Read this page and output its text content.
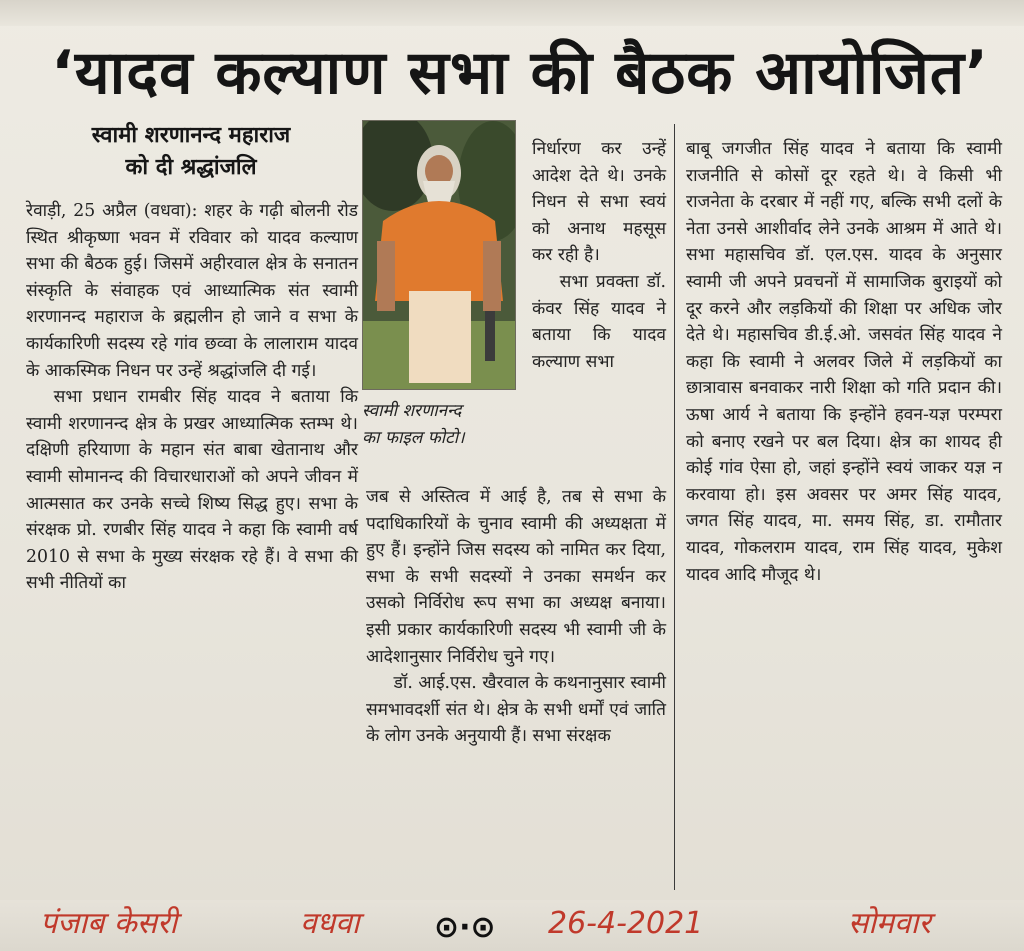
‘यादव कल्याण सभा की बैठक आयोजित’
स्वामी शरणानन्द महाराज
को दी श्रद्धांजलि

रेवाड़ी, 25 अप्रैल (वधवा): शहर के गढ़ी बोलनी रोड स्थित श्रीकृष्णा भवन में रविवार को यादव कल्याण सभा की बैठक हुई। जिसमें अहीरवाल क्षेत्र के सनातन संस्कृति के संवाहक एवं आध्यात्मिक संत स्वामी शरणानन्द महाराज के ब्रह्मलीन हो जाने व सभा के कार्यकारिणी सदस्य रहे गांव छव्वा के लालाराम यादव के आकस्मिक निधन पर उन्हें श्रद्धांजलि दी गई।

सभा प्रधान रामबीर सिंह यादव ने बताया कि स्वामी शरणानन्द क्षेत्र के प्रखर आध्यात्मिक स्तम्भ थे। दक्षिणी हरियाणा के महान संत बाबा खेतानाथ और स्वामी सोमानन्द की विचारधाराओं को अपने जीवन में आत्मसात कर उनके सच्चे शिष्य सिद्ध हुए। सभा के संरक्षक प्रो. रणबीर सिंह यादव ने कहा कि स्वामी वर्ष 2010 से सभा के मुख्य संरक्षक रहे हैं। वे सभा की सभी नीतियों का

स्वामी शरणानन्द
का फाइल फोटो।

निर्धारण कर उन्हें आदेश देते थे। उनके निधन से सभा स्वयं को अनाथ महसूस कर रही है।

सभा प्रवक्ता डॉ. कंवर सिंह यादव ने बताया कि यादव कल्याण सभा

जब से अस्तित्व में आई है, तब से सभा के पदाधिकारियों के चुनाव स्वामी की अध्यक्षता में हुए हैं। इन्होंने जिस सदस्य को नामित कर दिया, सभा के सभी सदस्यों ने उनका समर्थन कर उसको निर्विरोध रूप सभा का अध्यक्ष बनाया। इसी प्रकार कार्यकारिणी सदस्य भी स्वामी जी के आदेशानुसार निर्विरोध चुने गए।

डॉ. आई.एस. खैरवाल के कथनानुसार स्वामी समभावदर्शी संत थे। क्षेत्र के सभी धर्मों एवं जाति के लोग उनके अनुयायी हैं। सभा संरक्षक

बाबू जगजीत सिंह यादव ने बताया कि स्वामी राजनीति से कोसों दूर रहते थे। वे किसी भी राजनेता के दरबार में नहीं गए, बल्कि सभी दलों के नेता उनसे आशीर्वाद लेने उनके आश्रम में आते थे। सभा महासचिव डॉ. एल.एस. यादव के अनुसार स्वामी जी अपने प्रवचनों में सामाजिक बुराइयों को दूर करने और लड़कियों की शिक्षा पर अधिक जोर देते थे। महासचिव डी.ई.ओ. जसवंत सिंह यादव ने कहा कि स्वामी ने अलवर जिले में लड़कियों का छात्रावास बनवाकर नारी शिक्षा को गति प्रदान की। ऊषा आर्य ने बताया कि इन्होंने हवन-यज्ञ परम्परा को बनाए रखने पर बल दिया। क्षेत्र का शायद ही कोई गांव ऐसा हो, जहां इन्होंने स्वयं जाकर यज्ञ न करवाया हो। इस अवसर पर अमर सिंह यादव, जगत सिंह यादव, मा. समय सिंह, डा. रामौतार यादव, गोकलराम यादव, राम सिंह यादव, मुकेश यादव आदि मौजूद थे।

पंजाब केसरी	वधवा ⊙·⊙ 26-4-2021	सोमवार
